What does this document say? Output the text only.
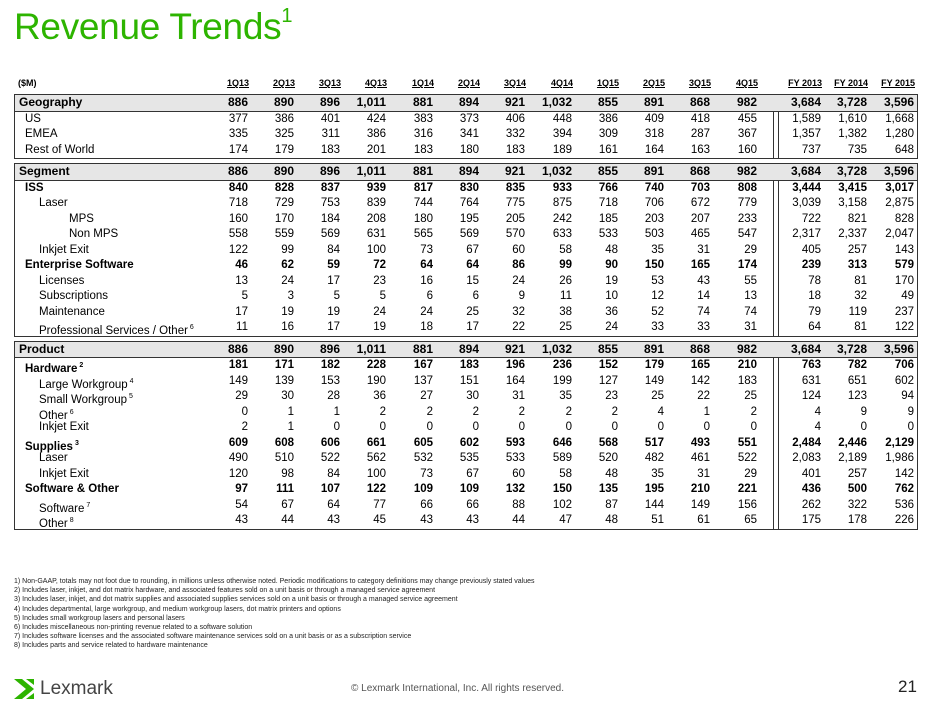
Revenue Trends$^1$
($M)	1Q13	2Q13	3Q13	4Q13	1Q14	2Q14	3Q14	4Q14	1Q15	2Q15	3Q15	4Q15	FY 2013	FY 2014	FY 2015
Geography	886	890	896	1,011	881	894	921	1,032	855	891	868	982	3,684	3,728	3,596
US	377	386	401	424	383	373	406	448	386	409	418	455	1,589	1,610	1,668
EMEA	335	325	311	386	316	341	332	394	309	318	287	367	1,357	1,382	1,280
Rest of World	174	179	183	201	183	180	183	189	161	164	163	160	737	735	648
Segment	886	890	896	1,011	881	894	921	1,032	855	891	868	982	3,684	3,728	3,596
ISS	840	828	837	939	817	830	835	933	766	740	703	808	3,444	3,415	3,017
Laser	718	729	753	839	744	764	775	875	718	706	672	779	3,039	3,158	2,875
MPS	160	170	184	208	180	195	205	242	185	203	207	233	722	821	828
Non MPS	558	559	569	631	565	569	570	633	533	503	465	547	2,317	2,337	2,047
Inkjet Exit	122	99	84	100	73	67	60	58	48	35	31	29	405	257	143
Enterprise Software	46	62	59	72	64	64	86	99	90	150	165	174	239	313	579
Licenses	13	24	17	23	16	15	24	26	19	53	43	55	78	81	170
Subscriptions	5	3	5	5	6	6	9	11	10	12	14	13	18	32	49
Maintenance	17	19	19	24	24	25	32	38	36	52	74	74	79	119	237
Professional Services / Other $^6$	11	16	17	19	18	17	22	25	24	33	33	31	64	81	122
Product	886	890	896	1,011	881	894	921	1,032	855	891	868	982	3,684	3,728	3,596
Hardware $^2$	181	171	182	228	167	183	196	236	152	179	165	210	763	782	706
Large Workgroup $^4$	149	139	153	190	137	151	164	199	127	149	142	183	631	651	602
Small Workgroup $^5$	29	30	28	36	27	30	31	35	23	25	22	25	124	123	94
Other $^6$	0	1	1	2	2	2	2	2	2	4	1	2	4	9	9
Inkjet Exit	2	1	0	0	0	0	0	0	0	0	0	0	4	0	0
Supplies $^3$	609	608	606	661	605	602	593	646	568	517	493	551	2,484	2,446	2,129
Laser	490	510	522	562	532	535	533	589	520	482	461	522	2,083	2,189	1,986
Inkjet Exit	120	98	84	100	73	67	60	58	48	35	31	29	401	257	142
Software & Other	97	111	107	122	109	109	132	150	135	195	210	221	436	500	762
Software $^7$	54	67	64	77	66	66	88	102	87	144	149	156	262	322	536
Other $^8$	43	44	43	45	43	43	44	47	48	51	61	65	175	178	226
1) Non-GAAP, totals may not foot due to rounding, in millions unless otherwise noted. Periodic modifications to category definitions may change previously stated values
2) Includes laser, inkjet, and dot matrix hardware, and associated features sold on a unit basis or through a managed service agreement
3) Includes laser, inkjet, and dot matrix supplies and associated supplies services sold on a unit basis or through a managed service agreement
4) Includes departmental, large workgroup, and medium workgroup lasers, dot matrix printers and options
5) Includes small workgroup lasers and personal lasers
6) Includes miscellaneous non-printing revenue related to a software solution
7) Includes software licenses and the associated software maintenance services sold on a unit basis or as a subscription service
8) Includes parts and service related to hardware maintenance
Lexmark	© Lexmark International, Inc. All rights reserved.	21
